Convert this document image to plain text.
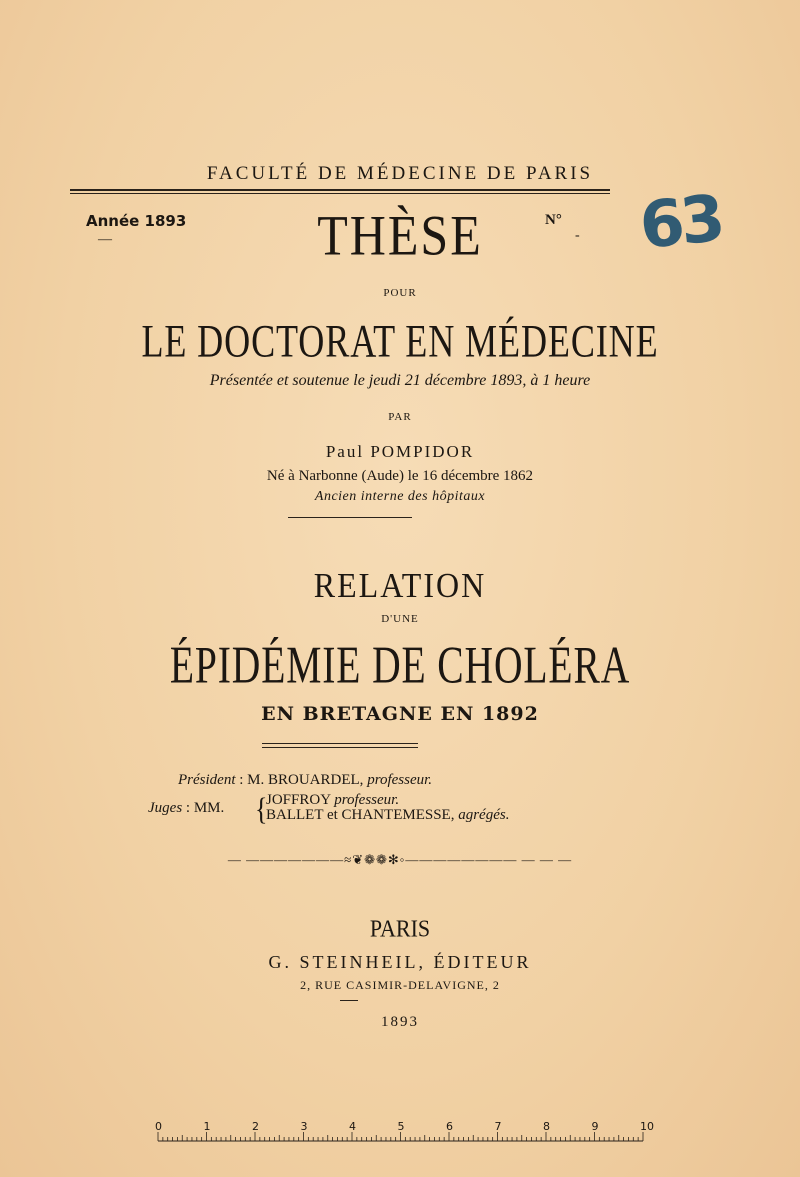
FACULTÉ DE MÉDECINE DE PARIS
Année 1893
—
N°
- 63
THÈSE
POUR
LE DOCTORAT EN MÉDECINE
Présentée et soutenue le jeudi 21 décembre 1893, à 1 heure
PAR
Paul POMPIDOR
Né à Narbonne (Aude) le 16 décembre 1862
Ancien interne des hôpitaux
RELATION
D'UNE
ÉPIDÉMIE DE CHOLÉRA
EN BRETAGNE EN 1892
Président : M. BROUARDEL, professeur.
Juges : MM. {
JOFFROY professeur.
BALLET et CHANTEMESSE, agrégés.
— ———————≈❦❁❁✻◦———————— — — —
PARIS
G. STEINHEIL, ÉDITEUR
2, RUE CASIMIR-DELAVIGNE, 2
1893
0	1	2	3	4	5	6	7	8	9	10
